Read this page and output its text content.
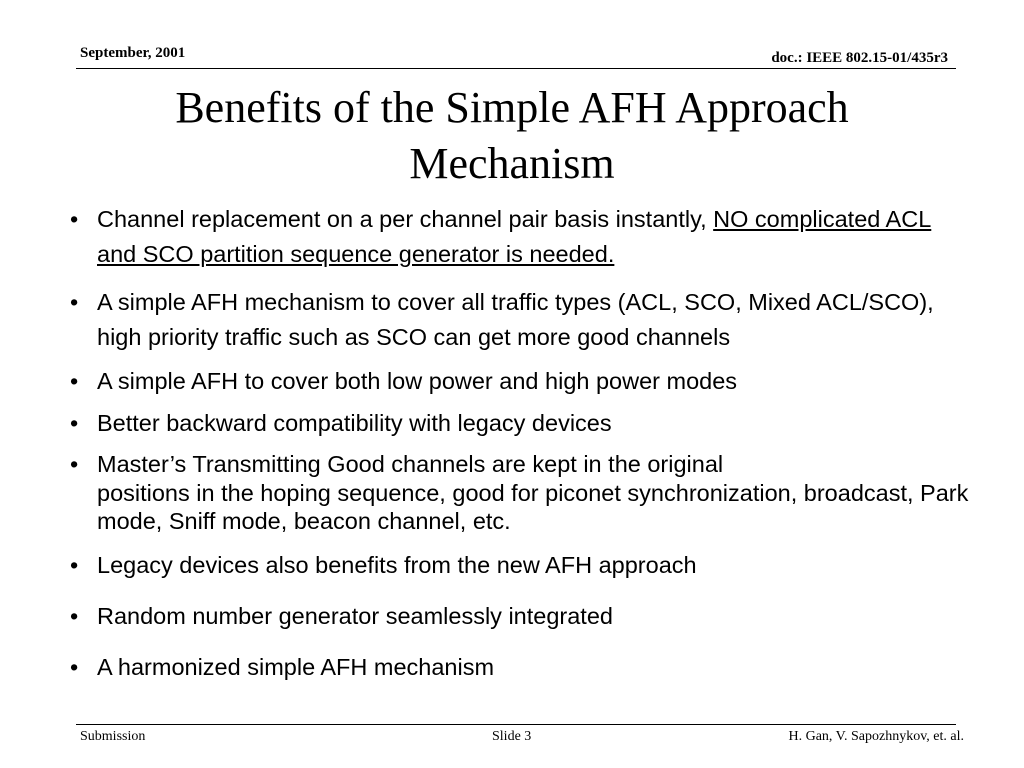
September, 2001	doc.: IEEE 802.15-01/435r3
Benefits of the Simple AFH Approach
Mechanism
• Channel replacement on a per channel pair basis instantly, NO complicated ACL and SCO partition sequence generator is needed.
• A simple AFH mechanism to cover all traffic types (ACL, SCO, Mixed ACL/SCO), high priority traffic such as SCO can get more good channels
• A simple AFH to cover both low power and high power modes
• Better backward compatibility with legacy devices
• Master’s Transmitting Good channels are kept in the original
positions in the hoping sequence, good for piconet synchronization, broadcast, Park mode, Sniff mode, beacon channel, etc.
• Legacy devices also benefits from the new AFH approach
• Random number generator seamlessly integrated
• A harmonized simple AFH mechanism
Submission	Slide 3	H. Gan, V. Sapozhnykov, et. al.
